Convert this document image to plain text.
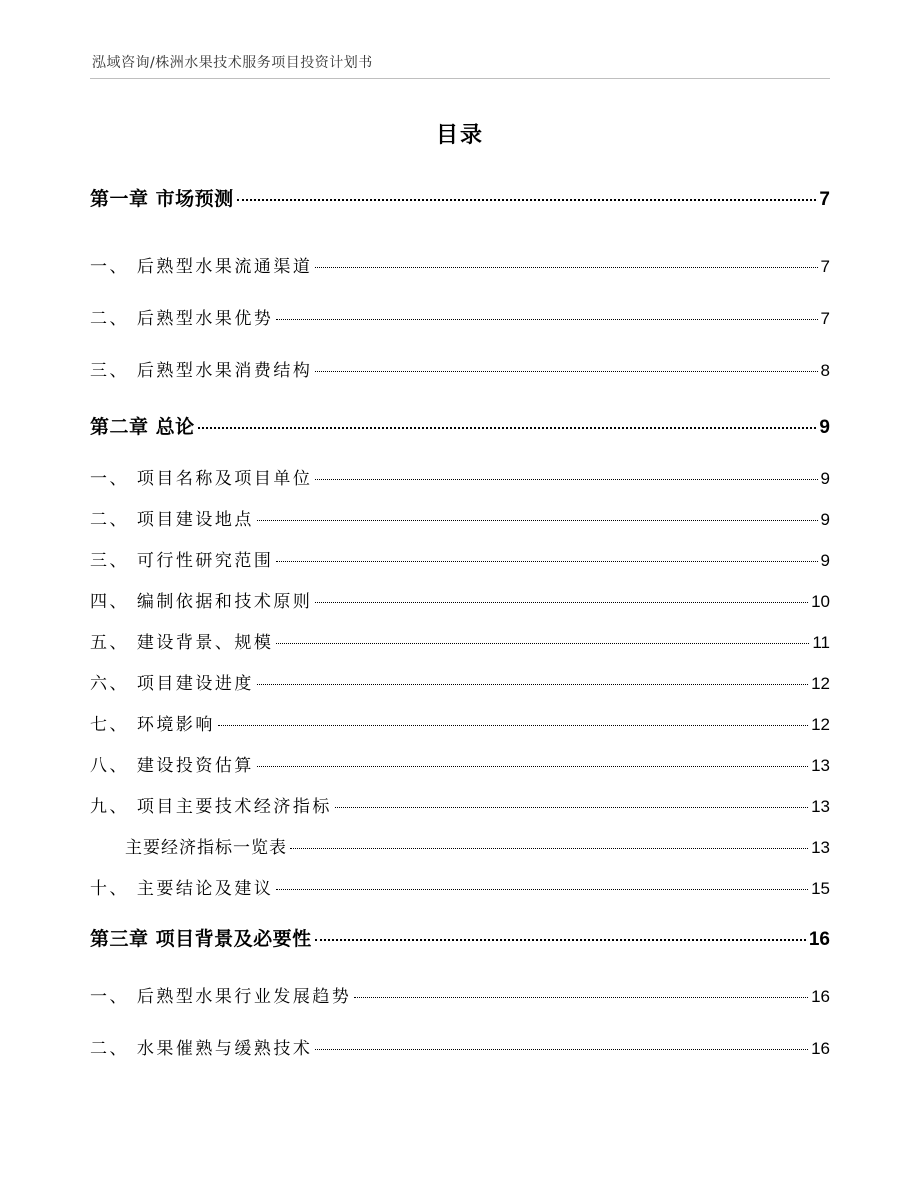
泓域咨询/株洲水果技术服务项目投资计划书
目录
第一章 市场预测	7
一、 后熟型水果流通渠道	7
二、 后熟型水果优势	7
三、 后熟型水果消费结构	8
第二章 总论	9
一、 项目名称及项目单位	9
二、 项目建设地点	9
三、 可行性研究范围	9
四、 编制依据和技术原则	10
五、 建设背景、规模	11
六、 项目建设进度	12
七、 环境影响	12
八、 建设投资估算	13
九、 项目主要技术经济指标	13
主要经济指标一览表	13
十、 主要结论及建议	15
第三章 项目背景及必要性	16
一、 后熟型水果行业发展趋势	16
二、 水果催熟与缓熟技术	16
